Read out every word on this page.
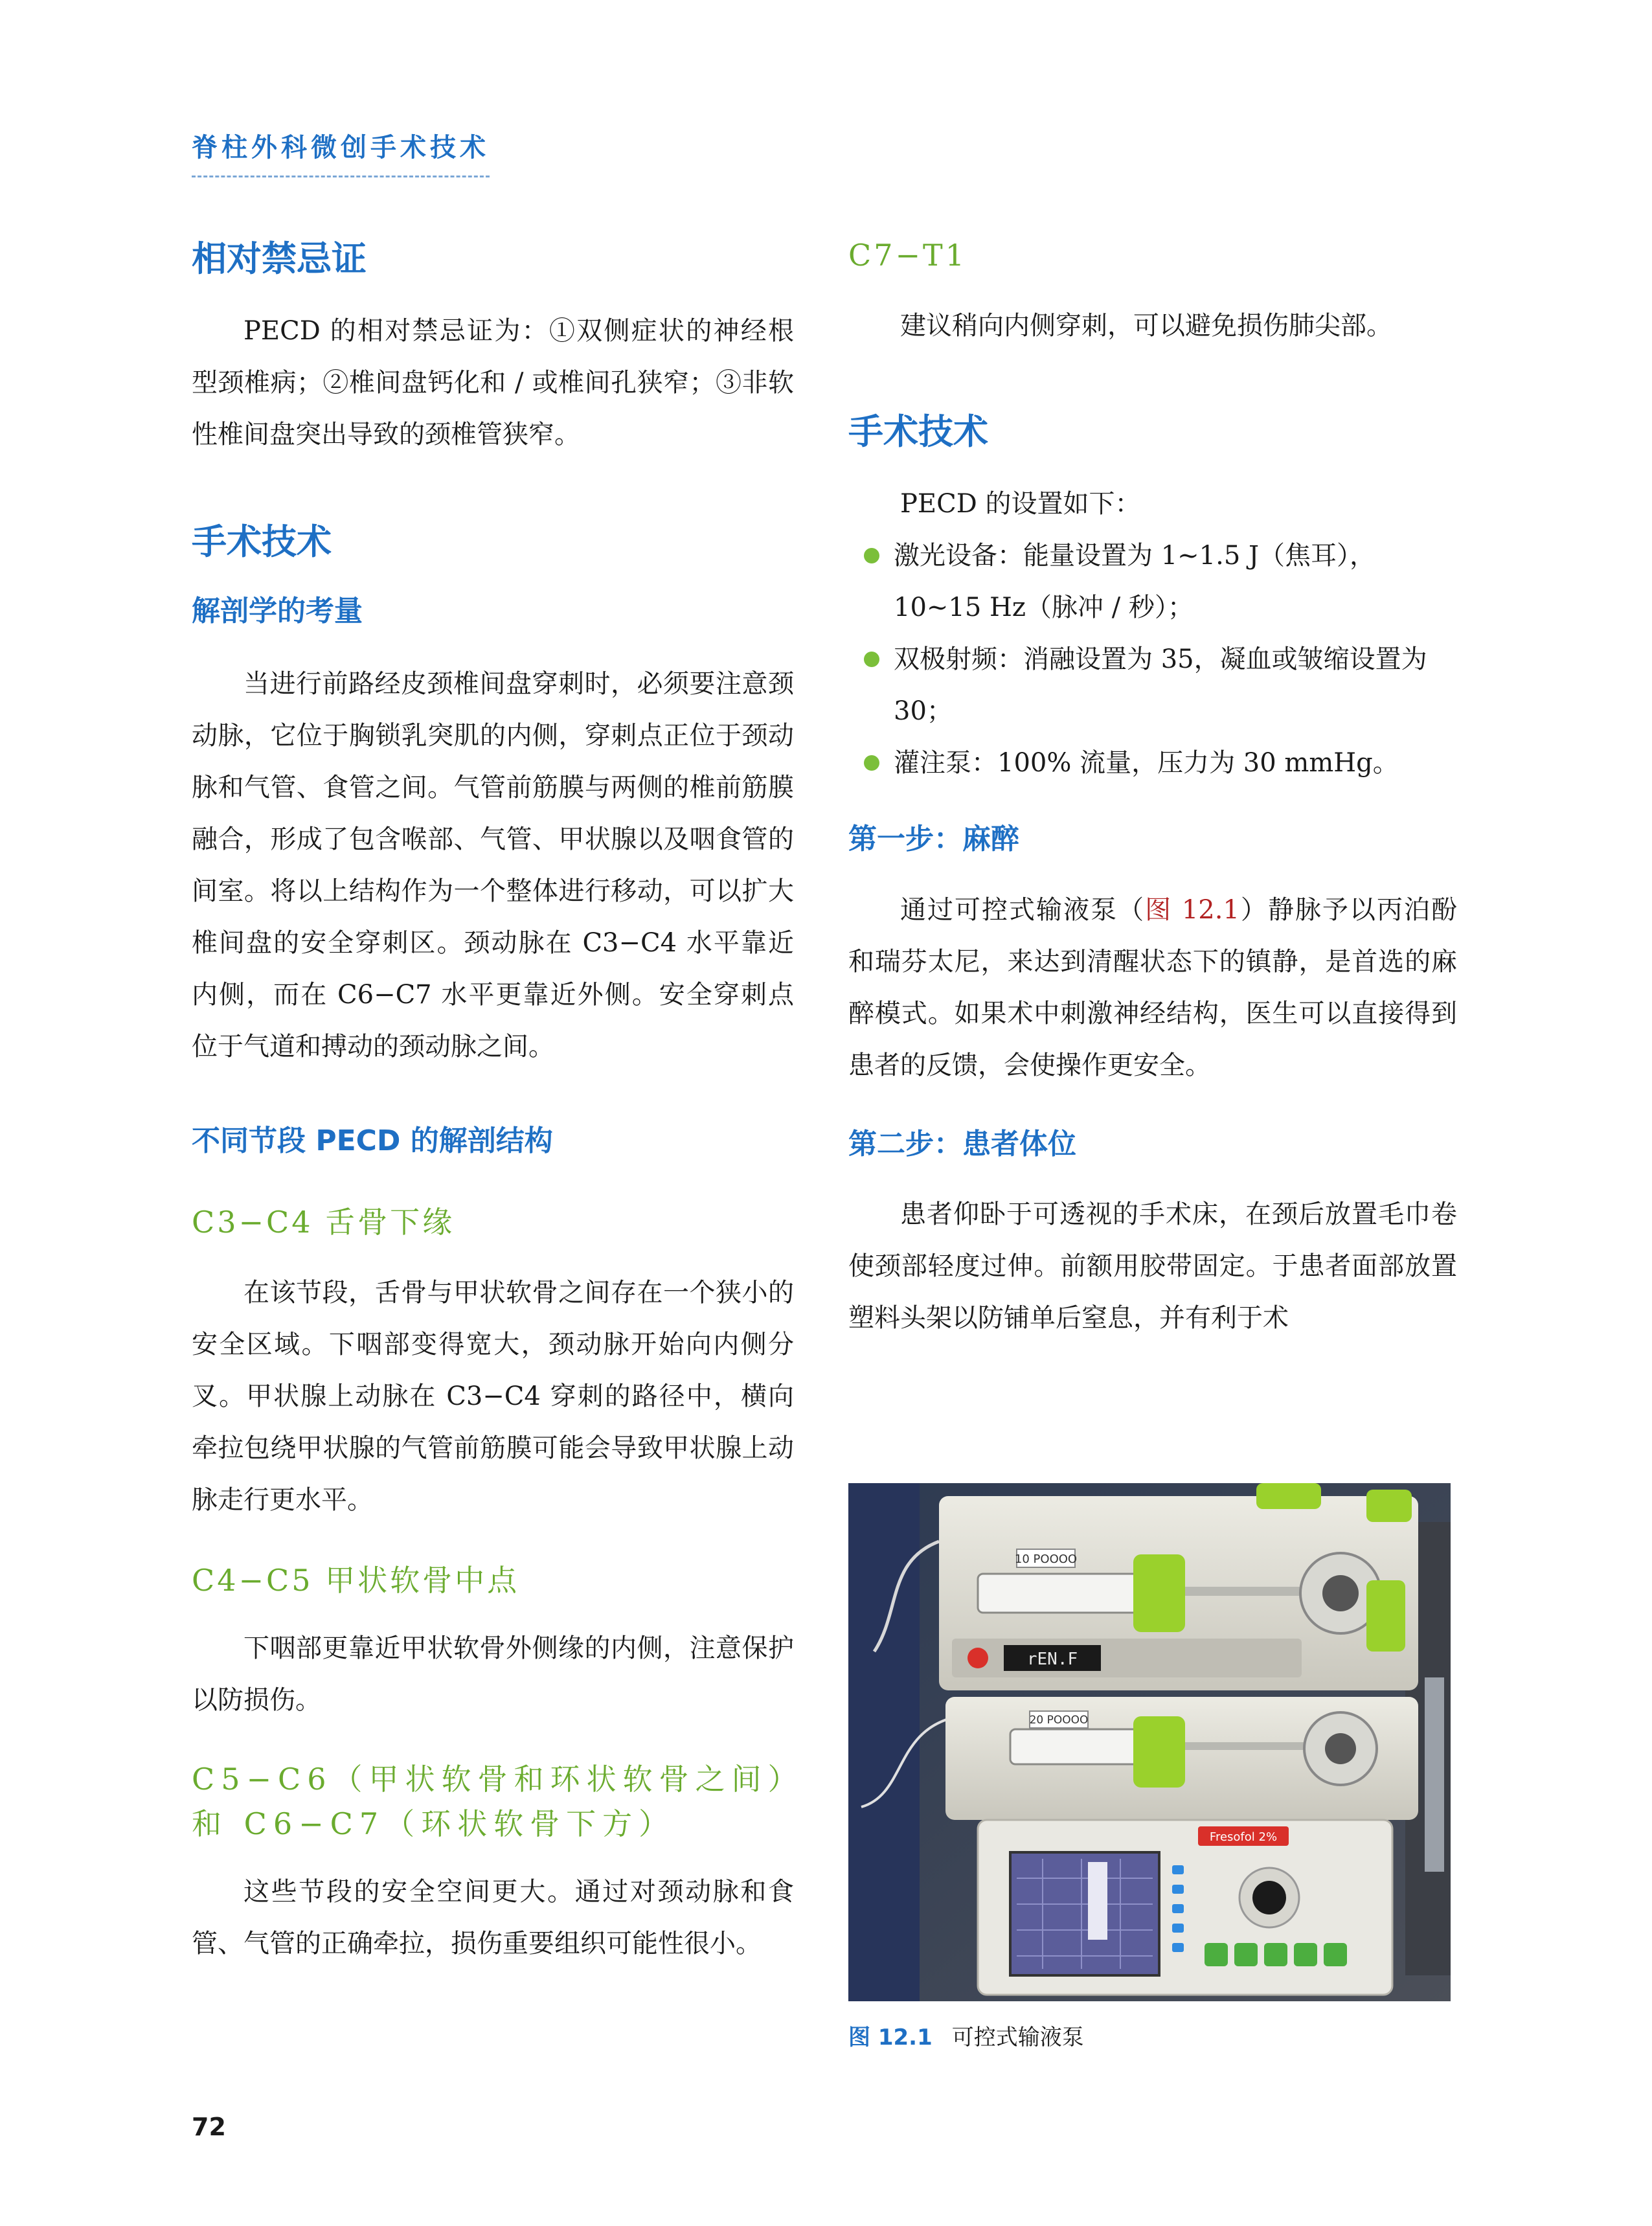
脊柱外科微创手术技术
相对禁忌证

PECD 的相对禁忌证为：①双侧症状的神经根型颈椎病；②椎间盘钙化和 / 或椎间孔狭窄；③非软性椎间盘突出导致的颈椎管狭窄。

手术技术
解剖学的考量

当进行前路经皮颈椎间盘穿刺时，必须要注意颈动脉，它位于胸锁乳突肌的内侧，穿刺点正位于颈动脉和气管、食管之间。气管前筋膜与两侧的椎前筋膜融合，形成了包含喉部、气管、甲状腺以及咽食管的间室。将以上结构作为一个整体进行移动，可以扩大椎间盘的安全穿刺区。颈动脉在 C3−C4 水平靠近内侧，而在 C6−C7 水平更靠近外侧。安全穿刺点位于气道和搏动的颈动脉之间。

不同节段 PECD 的解剖结构
C3−C4 舌骨下缘

在该节段，舌骨与甲状软骨之间存在一个狭小的安全区域。下咽部变得宽大，颈动脉开始向内侧分叉。甲状腺上动脉在 C3−C4 穿刺的路径中，横向牵拉包绕甲状腺的气管前筋膜可能会导致甲状腺上动脉走行更水平。

C4−C5 甲状软骨中点

下咽部更靠近甲状软骨外侧缘的内侧，注意保护以防损伤。

C5−C6（甲状软骨和环状软骨之间）和 C6−C7（环状软骨下方）

这些节段的安全空间更大。通过对颈动脉和食管、气管的正确牵拉，损伤重要组织可能性很小。

C7−T1

建议稍向内侧穿刺，可以避免损伤肺尖部。

手术技术

PECD 的设置如下：

激光设备：能量设置为 1~1.5 J（焦耳），10~15 Hz（脉冲 / 秒）；
双极射频：消融设置为 35，凝血或皱缩设置为 30；
灌注泵：100% 流量，压力为 30 mmHg。
第一步：麻醉

通过可控式输液泵（图 12.1）静脉予以丙泊酚和瑞芬太尼，来达到清醒状态下的镇静，是首选的麻醉模式。如果术中刺激神经结构，医生可以直接得到患者的反馈，会使操作更安全。

第二步：患者体位

患者仰卧于可透视的手术床，在颈后放置毛巾卷使颈部轻度过伸。前额用胶带固定。于患者面部放置塑料头架以防铺单后窒息，并有利于术

10 POOOO
rEN.F
20 POOOO
Fresofol 2%
图 12.1 可控式输液泵
72
